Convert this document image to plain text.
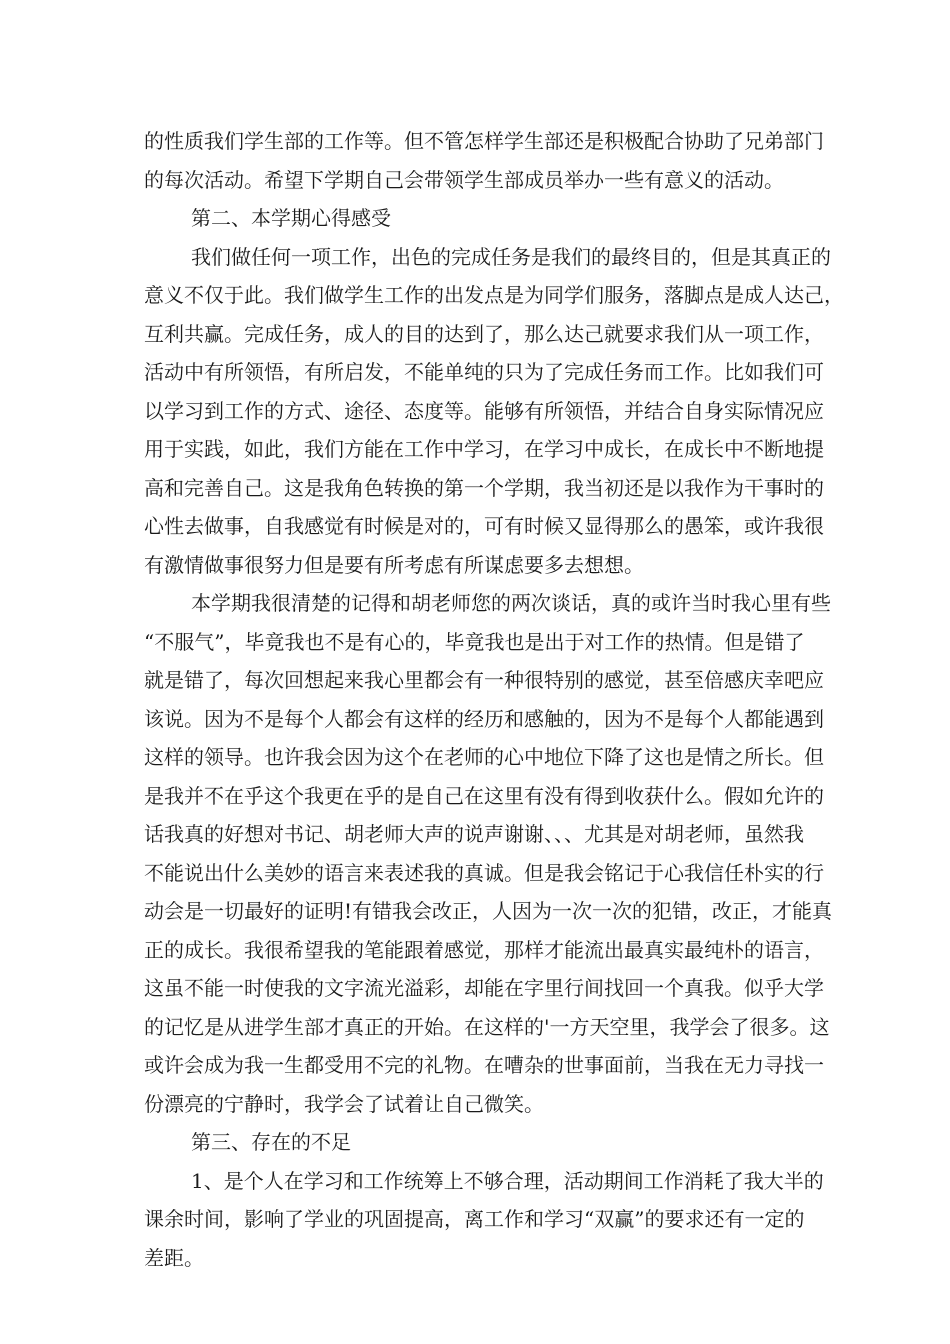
的性质我们学生部的工作等。但不管怎样学生部还是积极配合协助了兄弟部门
的每次活动。希望下学期自己会带领学生部成员举办一些有意义的活动。
第二、本学期心得感受
我们做任何一项工作，出色的完成任务是我们的最终目的，但是其真正的
意义不仅于此。我们做学生工作的出发点是为同学们服务，落脚点是成人达己，
互利共赢。完成任务，成人的目的达到了，那么达己就要求我们从一项工作，
活动中有所领悟，有所启发，不能单纯的只为了完成任务而工作。比如我们可
以学习到工作的方式、途径、态度等。能够有所领悟，并结合自身实际情况应
用于实践，如此，我们方能在工作中学习，在学习中成长，在成长中不断地提
高和完善自己。这是我角色转换的第一个学期，我当初还是以我作为干事时的
心性去做事，自我感觉有时候是对的，可有时候又显得那么的愚笨，或许我很
有激情做事很努力但是要有所考虑有所谋虑要多去想想。
本学期我很清楚的记得和胡老师您的两次谈话，真的或许当时我心里有些
“不服气”，毕竟我也不是有心的，毕竟我也是出于对工作的热情。但是错了
就是错了，每次回想起来我心里都会有一种很特别的感觉，甚至倍感庆幸吧应
该说。因为不是每个人都会有这样的经历和感触的，因为不是每个人都能遇到
这样的领导。也许我会因为这个在老师的心中地位下降了这也是情之所长。但
是我并不在乎这个我更在乎的是自己在这里有没有得到收获什么。假如允许的
话我真的好想对书记、胡老师大声的说声谢谢、、、尤其是对胡老师，虽然我
不能说出什么美妙的语言来表述我的真诚。但是我会铭记于心我信任朴实的行
动会是一切最好的证明!有错我会改正，人因为一次一次的犯错，改正，才能真
正的成长。我很希望我的笔能跟着感觉，那样才能流出最真实最纯朴的语言，
这虽不能一时使我的文字流光溢彩，却能在字里行间找回一个真我。似乎大学
的记忆是从进学生部才真正的开始。在这样的'一方天空里，我学会了很多。这
或许会成为我一生都受用不完的礼物。在嘈杂的世事面前，当我在无力寻找一
份漂亮的宁静时，我学会了试着让自己微笑。
第三、存在的不足
1、是个人在学习和工作统筹上不够合理，活动期间工作消耗了我大半的
课余时间，影响了学业的巩固提高，离工作和学习“双赢”的要求还有一定的
差距。
